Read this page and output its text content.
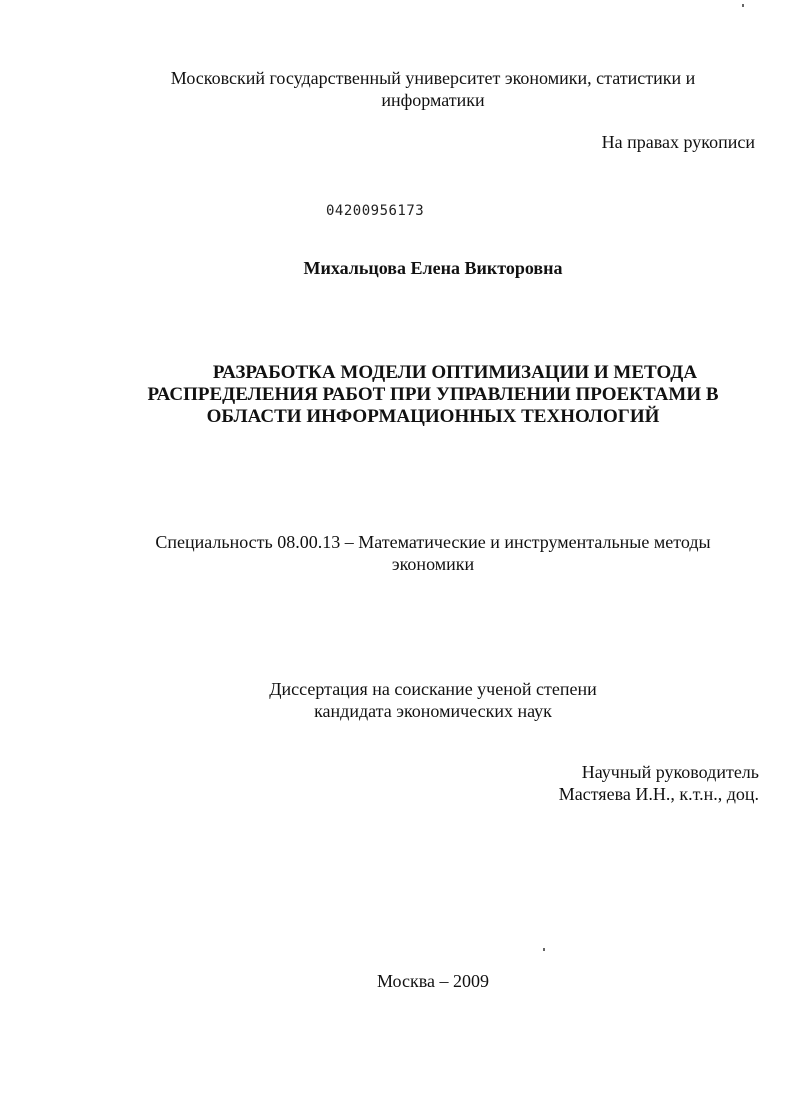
Московский государственный университет экономики, статистики и
информатики
На правах рукописи
04200956173
Михальцова Елена Викторовна
РАЗРАБОТКА МОДЕЛИ ОПТИМИЗАЦИИ И МЕТОДА
РАСПРЕДЕЛЕНИЯ РАБОТ ПРИ УПРАВЛЕНИИ ПРОЕКТАМИ В
ОБЛАСТИ ИНФОРМАЦИОННЫХ ТЕХНОЛОГИЙ
Специальность 08.00.13 – Математические и инструментальные методы
экономики
Диссертация на соискание ученой степени
кандидата экономических наук
Научный руководитель
Мастяева И.Н., к.т.н., доц.
Москва – 2009
